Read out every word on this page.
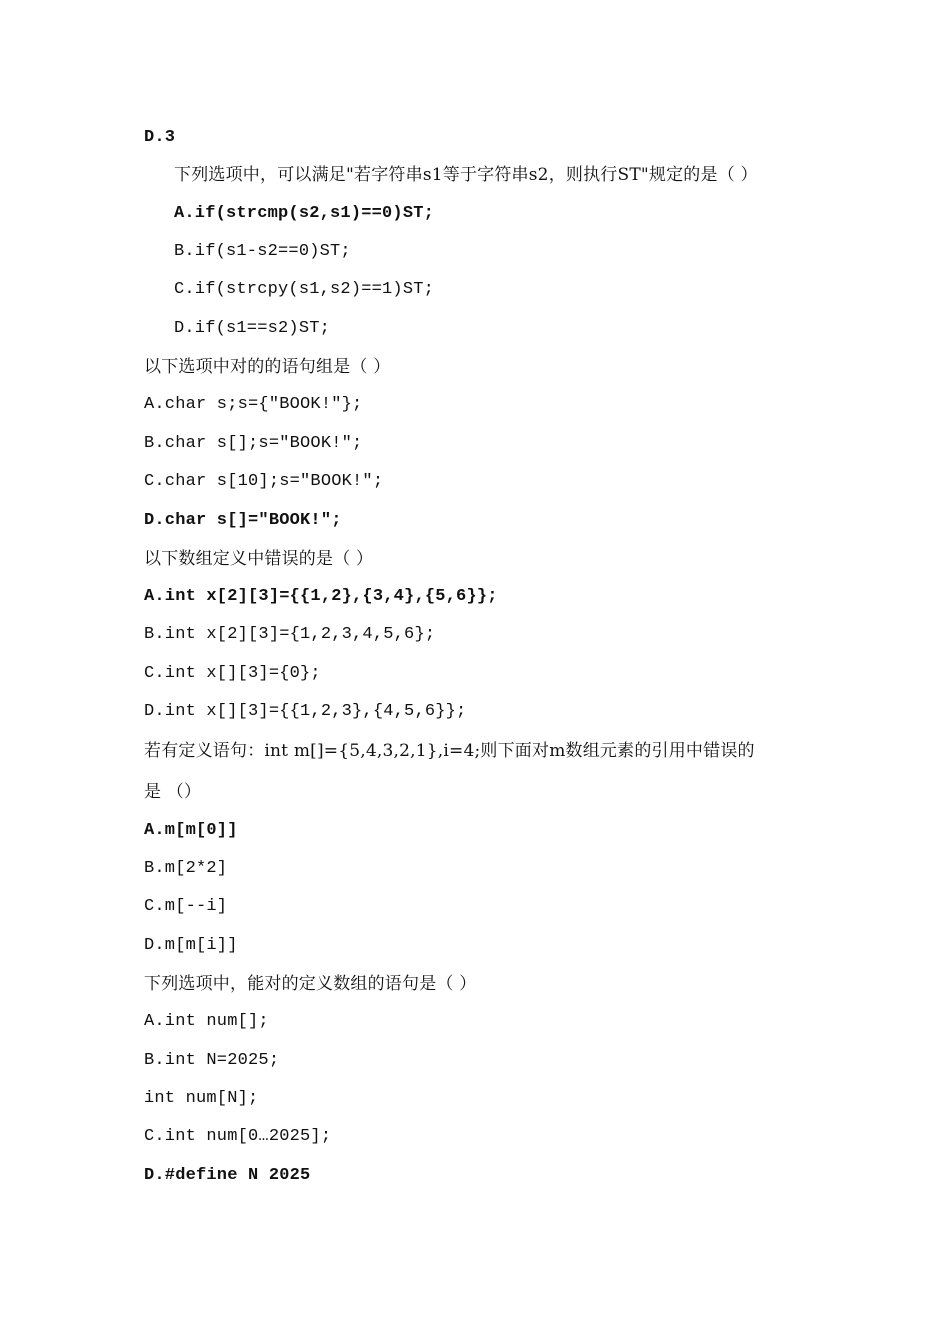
D.3
下列选项中，可以满足"若字符串s1等于字符串s2，则执行ST"规定的是（ ）
A.if(strcmp(s2,s1)==0)ST;
B.if(s1-s2==0)ST;
C.if(strcpy(s1,s2)==1)ST;
D.if(s1==s2)ST;
以下选项中对的的语句组是（ ）
A.char s;s={"BOOK!"};
B.char s[];s="BOOK!";
C.char s[10];s="BOOK!";
D.char s[]="BOOK!";
以下数组定义中错误的是（ ）
A.int x[2][3]={{1,2},{3,4},{5,6}};
B.int x[2][3]={1,2,3,4,5,6};
C.int x[][3]={0};
D.int x[][3]={{1,2,3},{4,5,6}};
若有定义语句：int m[]={5,4,3,2,1},i=4;则下面对m数组元素的引用中错误的
是 （）
A.m[m[0]]
B.m[2*2]
C.m[--i]
D.m[m[i]]
下列选项中，能对的定义数组的语句是（ ）
A.int num[];
B.int N=2025;
int num[N];
C.int num[0…2025];
D.#define N 2025
